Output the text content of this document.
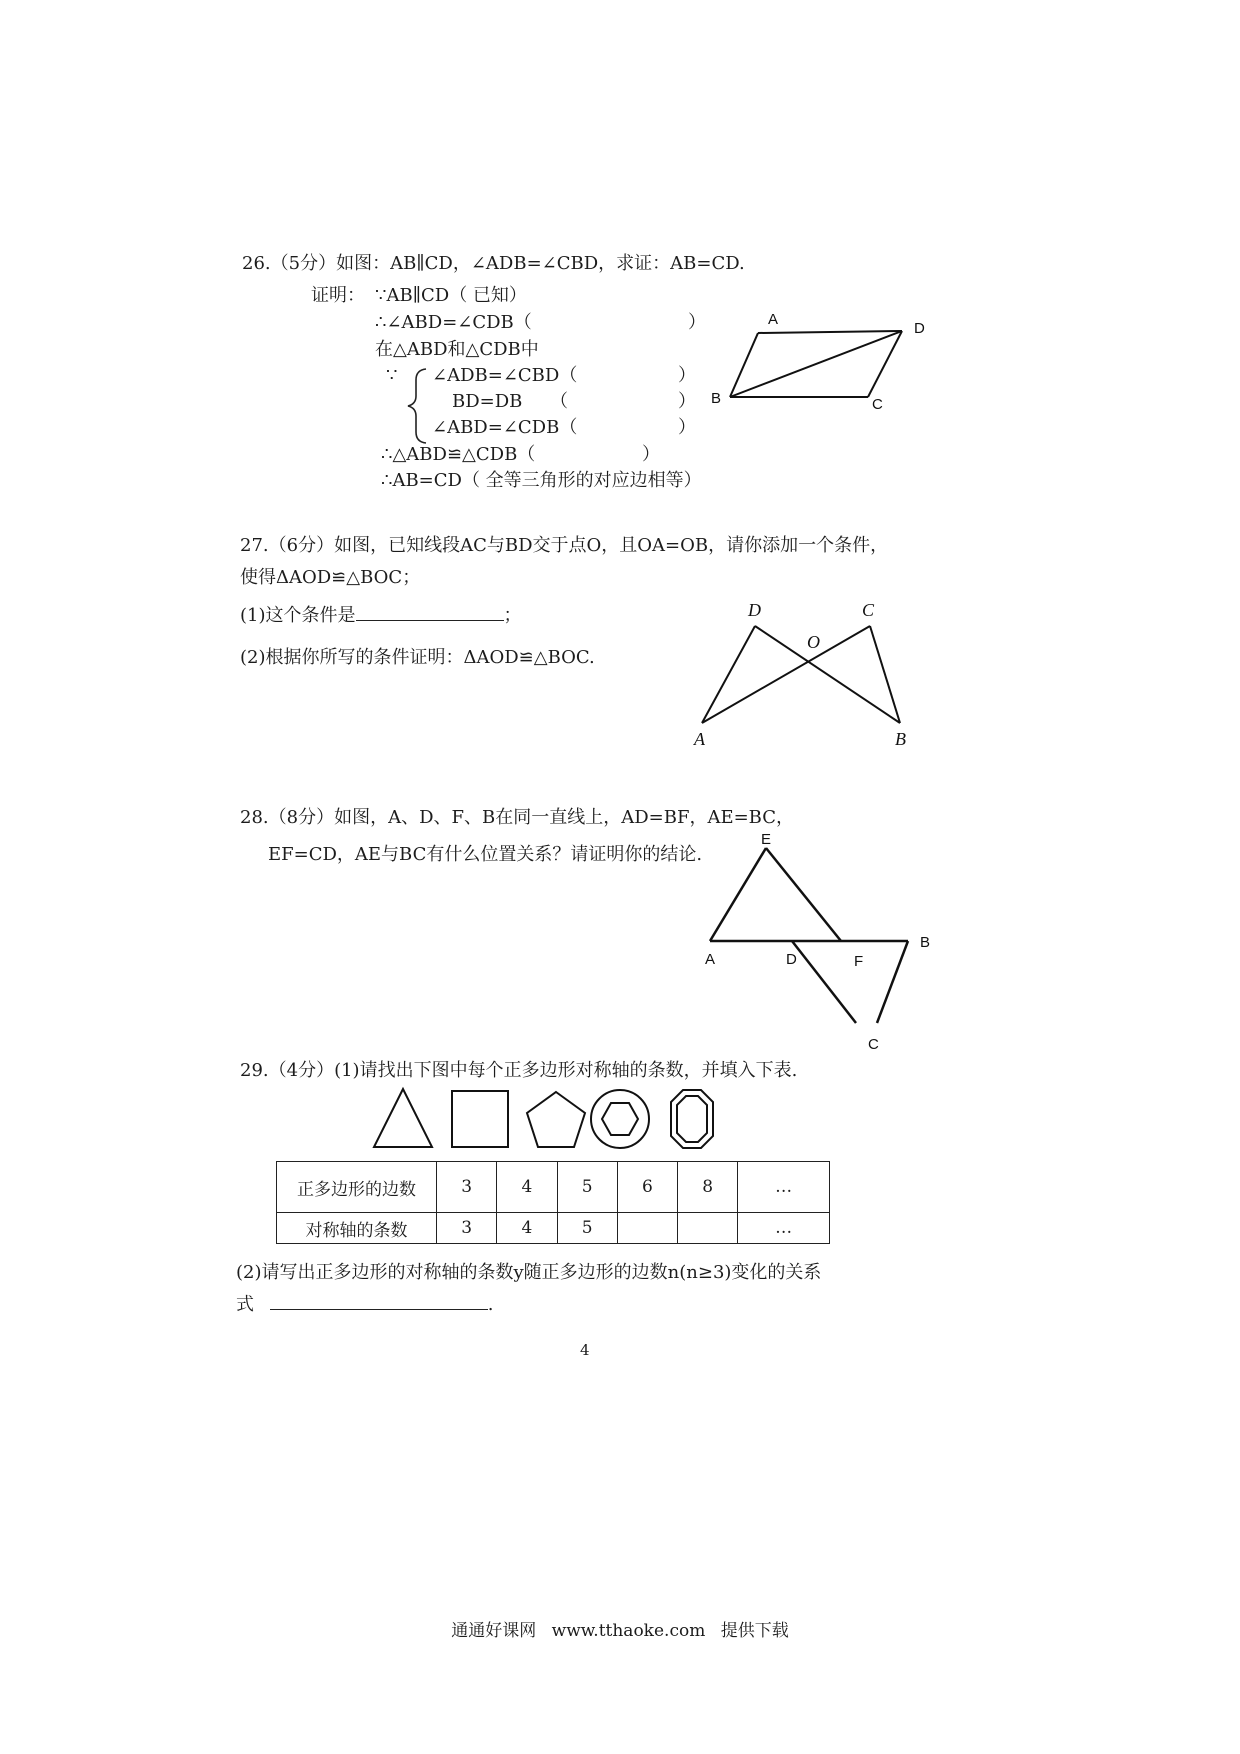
26.（5分）如图：AB∥CD，∠ADB=∠CBD，求证：AB=CD.
证明： ∵AB∥CD（ 已知）
∴∠ABD=∠CDB（	）
在△ABD和△CDB中
∵ ∠ADB=∠CBD（	）
BD=DB （	）
∠ABD=∠CDB（	）
∴△ABD≌△CDB（	）
∴AB=CD（ 全等三角形的对应边相等）
A
D
B	C
27.（6分）如图，已知线段AC与BD交于点O，且OA=OB，请你添加一个条件，
使得ΔAOD≌△BOC；
(1)这个条件是	；
(2)根据你所写的条件证明：ΔAOD≌△BOC.
A	B
C
D
O
28.（8分）如图，A、D、F、B在同一直线上，AD=BF，AE=BC，
EF=CD，AE与BC有什么位置关系？请证明你的结论.
A	D	F
B
E
C
29.（4分）(1)请找出下图中每个正多边形对称轴的条数，并填入下表.
正多边形的边数	3	4	5	6	8	…
对称轴的条数	3	4	5			…
(2)请写出正多边形的对称轴的条数y随正多边形的边数n(n≥3)变化的关系
式	.
4
通通好课网 www.tthaoke.com 提供下载
